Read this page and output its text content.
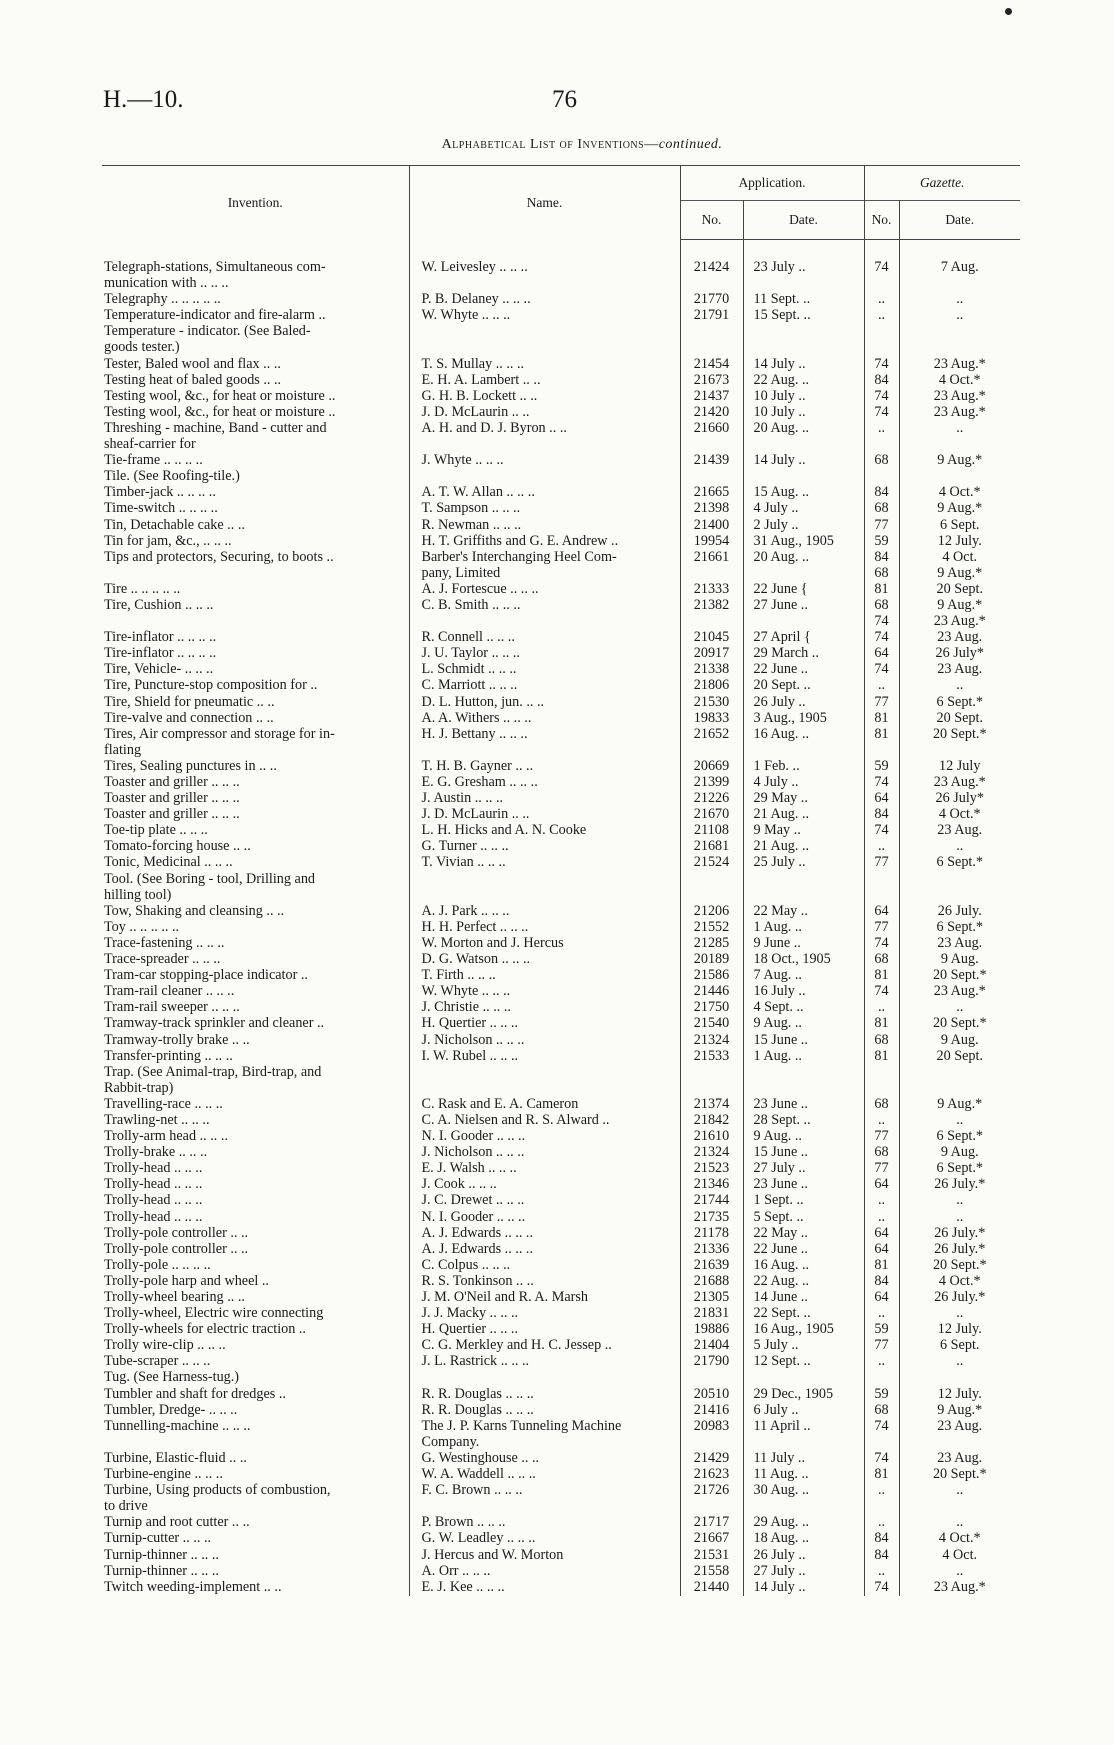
H.—10.	76
Alphabetical List of Inventions—continued.
Invention.	Name.	Application.		Gazette.	
		No.	Date.	No.	Date.

Telegraph-stations, Simultaneous com-	W. Leivesley .. .. ..	21424	23 July ..	74	7 Aug.
munication with .. .. ..					
Telegraphy .. .. .. .. ..	P. B. Delaney .. .. ..	21770	11 Sept. ..	..	..
Temperature-indicator and fire-alarm ..	W. Whyte .. .. ..	21791	15 Sept. ..	..	..
Temperature - indicator. (See Baled-					
goods tester.)					
Tester, Baled wool and flax .. ..	T. S. Mullay .. .. ..	21454	14 July ..	74	23 Aug.*
Testing heat of baled goods .. ..	E. H. A. Lambert .. ..	21673	22 Aug. ..	84	4 Oct.*
Testing wool, &c., for heat or moisture ..	G. H. B. Lockett .. ..	21437	10 July ..	74	23 Aug.*
Testing wool, &c., for heat or moisture ..	J. D. McLaurin .. ..	21420	10 July ..	74	23 Aug.*
Threshing - machine, Band - cutter and	A. H. and D. J. Byron .. ..	21660	20 Aug. ..	..	..
sheaf-carrier for					
Tie-frame .. .. .. ..	J. Whyte .. .. ..	21439	14 July ..	68	9 Aug.*
Tile. (See Roofing-tile.)					
Timber-jack .. .. .. ..	A. T. W. Allan .. .. ..	21665	15 Aug. ..	84	4 Oct.*
Time-switch .. .. .. ..	T. Sampson .. .. ..	21398	4 July ..	68	9 Aug.*
Tin, Detachable cake .. ..	R. Newman .. .. ..	21400	2 July ..	77	6 Sept.
Tin for jam, &c., .. .. ..	H. T. Griffiths and G. E. Andrew ..	19954	31 Aug., 1905	59	12 July.
Tips and protectors, Securing, to boots ..	Barber's Interchanging Heel Com-	21661	20 Aug. ..	84	4 Oct.
	pany, Limited			68	9 Aug.*
Tire .. .. .. .. ..	A. J. Fortescue .. .. ..	21333	22 June {	81	20 Sept.
Tire, Cushion .. .. ..	C. B. Smith .. .. ..	21382	27 June ..	68	9 Aug.*
				74	23 Aug.*
Tire-inflator .. .. .. ..	R. Connell .. .. ..	21045	27 April {	74	23 Aug.
Tire-inflator .. .. .. ..	J. U. Taylor .. .. ..	20917	29 March ..	64	26 July*
Tire, Vehicle- .. .. ..	L. Schmidt .. .. ..	21338	22 June ..	74	23 Aug.
Tire, Puncture-stop composition for ..	C. Marriott .. .. ..	21806	20 Sept. ..	..	..
Tire, Shield for pneumatic .. ..	D. L. Hutton, jun. .. ..	21530	26 July ..	77	6 Sept.*
Tire-valve and connection .. ..	A. A. Withers .. .. ..	19833	3 Aug., 1905	81	20 Sept.
Tires, Air compressor and storage for in-	H. J. Bettany .. .. ..	21652	16 Aug. ..	81	20 Sept.*
flating					
Tires, Sealing punctures in .. ..	T. H. B. Gayner .. ..	20669	1 Feb. ..	59	12 July
Toaster and griller .. .. ..	E. G. Gresham .. .. ..	21399	4 July ..	74	23 Aug.*
Toaster and griller .. .. ..	J. Austin .. .. ..	21226	29 May ..	64	26 July*
Toaster and griller .. .. ..	J. D. McLaurin .. ..	21670	21 Aug. ..	84	4 Oct.*
Toe-tip plate .. .. ..	L. H. Hicks and A. N. Cooke	21108	9 May ..	74	23 Aug.
Tomato-forcing house .. ..	G. Turner .. .. ..	21681	21 Aug. ..	..	..
Tonic, Medicinal .. .. ..	T. Vivian .. .. ..	21524	25 July ..	77	6 Sept.*
Tool. (See Boring - tool, Drilling and					
hilling tool)					
Tow, Shaking and cleansing .. ..	A. J. Park .. .. ..	21206	22 May ..	64	26 July.
Toy .. .. .. .. ..	H. H. Perfect .. .. ..	21552	1 Aug. ..	77	6 Sept.*
Trace-fastening .. .. ..	W. Morton and J. Hercus	21285	9 June ..	74	23 Aug.
Trace-spreader .. .. ..	D. G. Watson .. .. ..	20189	18 Oct., 1905	68	9 Aug.
Tram-car stopping-place indicator ..	T. Firth .. .. ..	21586	7 Aug. ..	81	20 Sept.*
Tram-rail cleaner .. .. ..	W. Whyte .. .. ..	21446	16 July ..	74	23 Aug.*
Tram-rail sweeper .. .. ..	J. Christie .. .. ..	21750	4 Sept. ..	..	..
Tramway-track sprinkler and cleaner ..	H. Quertier .. .. ..	21540	9 Aug. ..	81	20 Sept.*
Tramway-trolly brake .. ..	J. Nicholson .. .. ..	21324	15 June ..	68	9 Aug.
Transfer-printing .. .. ..	I. W. Rubel .. .. ..	21533	1 Aug. ..	81	20 Sept.
Trap. (See Animal-trap, Bird-trap, and					
Rabbit-trap)					
Travelling-race .. .. ..	C. Rask and E. A. Cameron	21374	23 June ..	68	9 Aug.*
Trawling-net .. .. ..	C. A. Nielsen and R. S. Alward ..	21842	28 Sept. ..	..	..
Trolly-arm head .. .. ..	N. I. Gooder .. .. ..	21610	9 Aug. ..	77	6 Sept.*
Trolly-brake .. .. ..	J. Nicholson .. .. ..	21324	15 June ..	68	9 Aug.
Trolly-head .. .. ..	E. J. Walsh .. .. ..	21523	27 July ..	77	6 Sept.*
Trolly-head .. .. ..	J. Cook .. .. ..	21346	23 June ..	64	26 July.*
Trolly-head .. .. ..	J. C. Drewet .. .. ..	21744	1 Sept. ..	..	..
Trolly-head .. .. ..	N. I. Gooder .. .. ..	21735	5 Sept. ..	..	..
Trolly-pole controller .. ..	A. J. Edwards .. .. ..	21178	22 May ..	64	26 July.*
Trolly-pole controller .. ..	A. J. Edwards .. .. ..	21336	22 June ..	64	26 July.*
Trolly-pole .. .. .. ..	C. Colpus .. .. ..	21639	16 Aug. ..	81	20 Sept.*
Trolly-pole harp and wheel ..	R. S. Tonkinson .. ..	21688	22 Aug. ..	84	4 Oct.*
Trolly-wheel bearing .. ..	J. M. O'Neil and R. A. Marsh	21305	14 June ..	64	26 July.*
Trolly-wheel, Electric wire connecting	J. J. Macky .. .. ..	21831	22 Sept. ..	..	..
Trolly-wheels for electric traction ..	H. Quertier .. .. ..	19886	16 Aug., 1905	59	12 July.
Trolly wire-clip .. .. ..	C. G. Merkley and H. C. Jessep ..	21404	5 July ..	77	6 Sept.
Tube-scraper .. .. ..	J. L. Rastrick .. .. ..	21790	12 Sept. ..	..	..
Tug. (See Harness-tug.)					
Tumbler and shaft for dredges ..	R. R. Douglas .. .. ..	20510	29 Dec., 1905	59	12 July.
Tumbler, Dredge- .. .. ..	R. R. Douglas .. .. ..	21416	6 July ..	68	9 Aug.*
Tunnelling-machine .. .. ..	The J. P. Karns Tunneling Machine	20983	11 April ..	74	23 Aug.
	Company.				
Turbine, Elastic-fluid .. ..	G. Westinghouse .. ..	21429	11 July ..	74	23 Aug.
Turbine-engine .. .. ..	W. A. Waddell .. .. ..	21623	11 Aug. ..	81	20 Sept.*
Turbine, Using products of combustion,	F. C. Brown .. .. ..	21726	30 Aug. ..	..	..
to drive					
Turnip and root cutter .. ..	P. Brown .. .. ..	21717	29 Aug. ..	..	..
Turnip-cutter .. .. ..	G. W. Leadley .. .. ..	21667	18 Aug. ..	84	4 Oct.*
Turnip-thinner .. .. ..	J. Hercus and W. Morton	21531	26 July ..	84	4 Oct.
Turnip-thinner .. .. ..	A. Orr .. .. ..	21558	27 July ..	..	..
Twitch weeding-implement .. ..	E. J. Kee .. .. ..	21440	14 July ..	74	23 Aug.*
